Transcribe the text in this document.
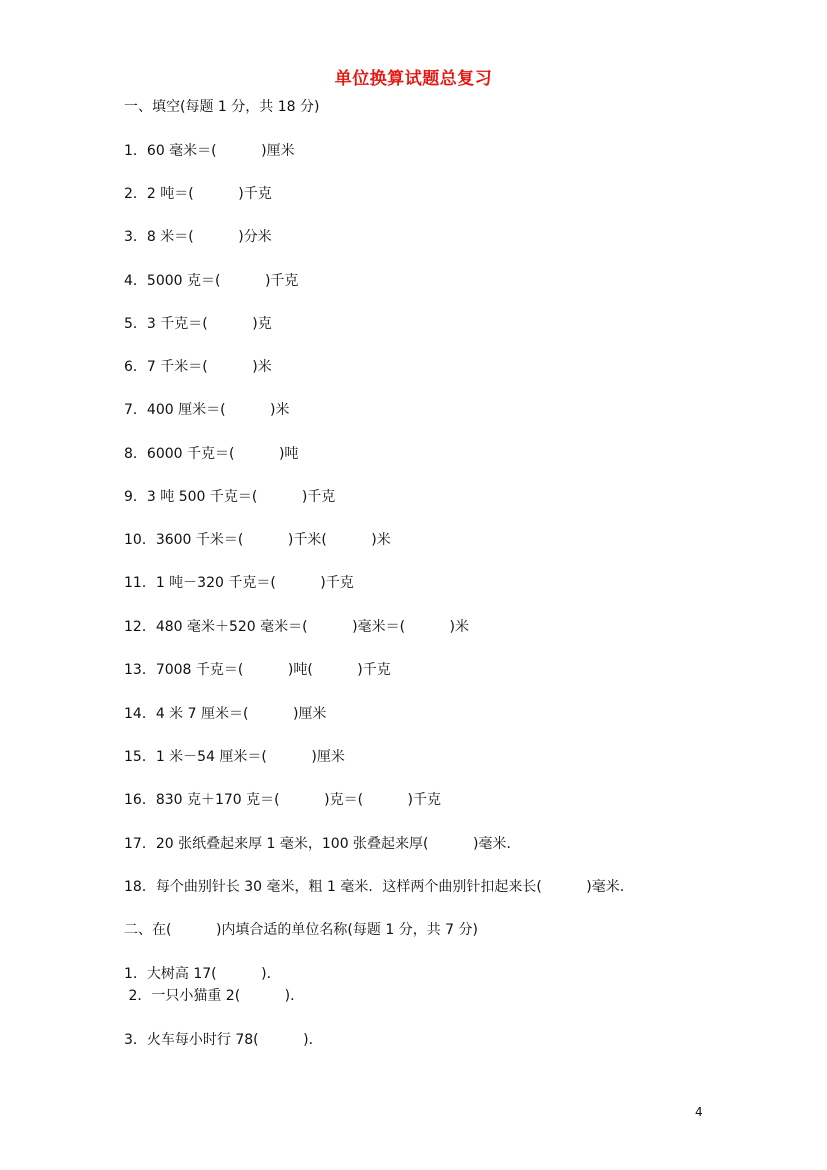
单位换算试题总复习
一、填空(每题 1 分，共 18 分)
1．60 毫米＝(          )厘米
2．2 吨＝(          )千克
3．8 米＝(          )分米
4．5000 克＝(          )千克
5．3 千克＝(          )克
6．7 千米＝(          )米
7．400 厘米＝(          )米
8．6000 千克＝(          )吨
9．3 吨 500 千克＝(          )千克
10．3600 千米＝(          )千米(          )米
11．1 吨－320 千克＝(          )千克
12．480 毫米＋520 毫米＝(          )毫米＝(          )米
13．7008 千克＝(          )吨(          )千克
14．4 米 7 厘米＝(          )厘米
15．1 米－54 厘米＝(          )厘米
16．830 克＋170 克＝(          )克＝(          )千克
17．20 张纸叠起来厚 1 毫米，100 张叠起来厚(          )毫米．
18．每个曲别针长 30 毫米，粗 1 毫米．这样两个曲别针扣起来长(          )毫米．
二、在(          )内填合适的单位名称(每题 1 分，共 7 分)
1．大树高 17(          )．
2．一只小猫重 2(          )．
3．火车每小时行 78(          )．
4
